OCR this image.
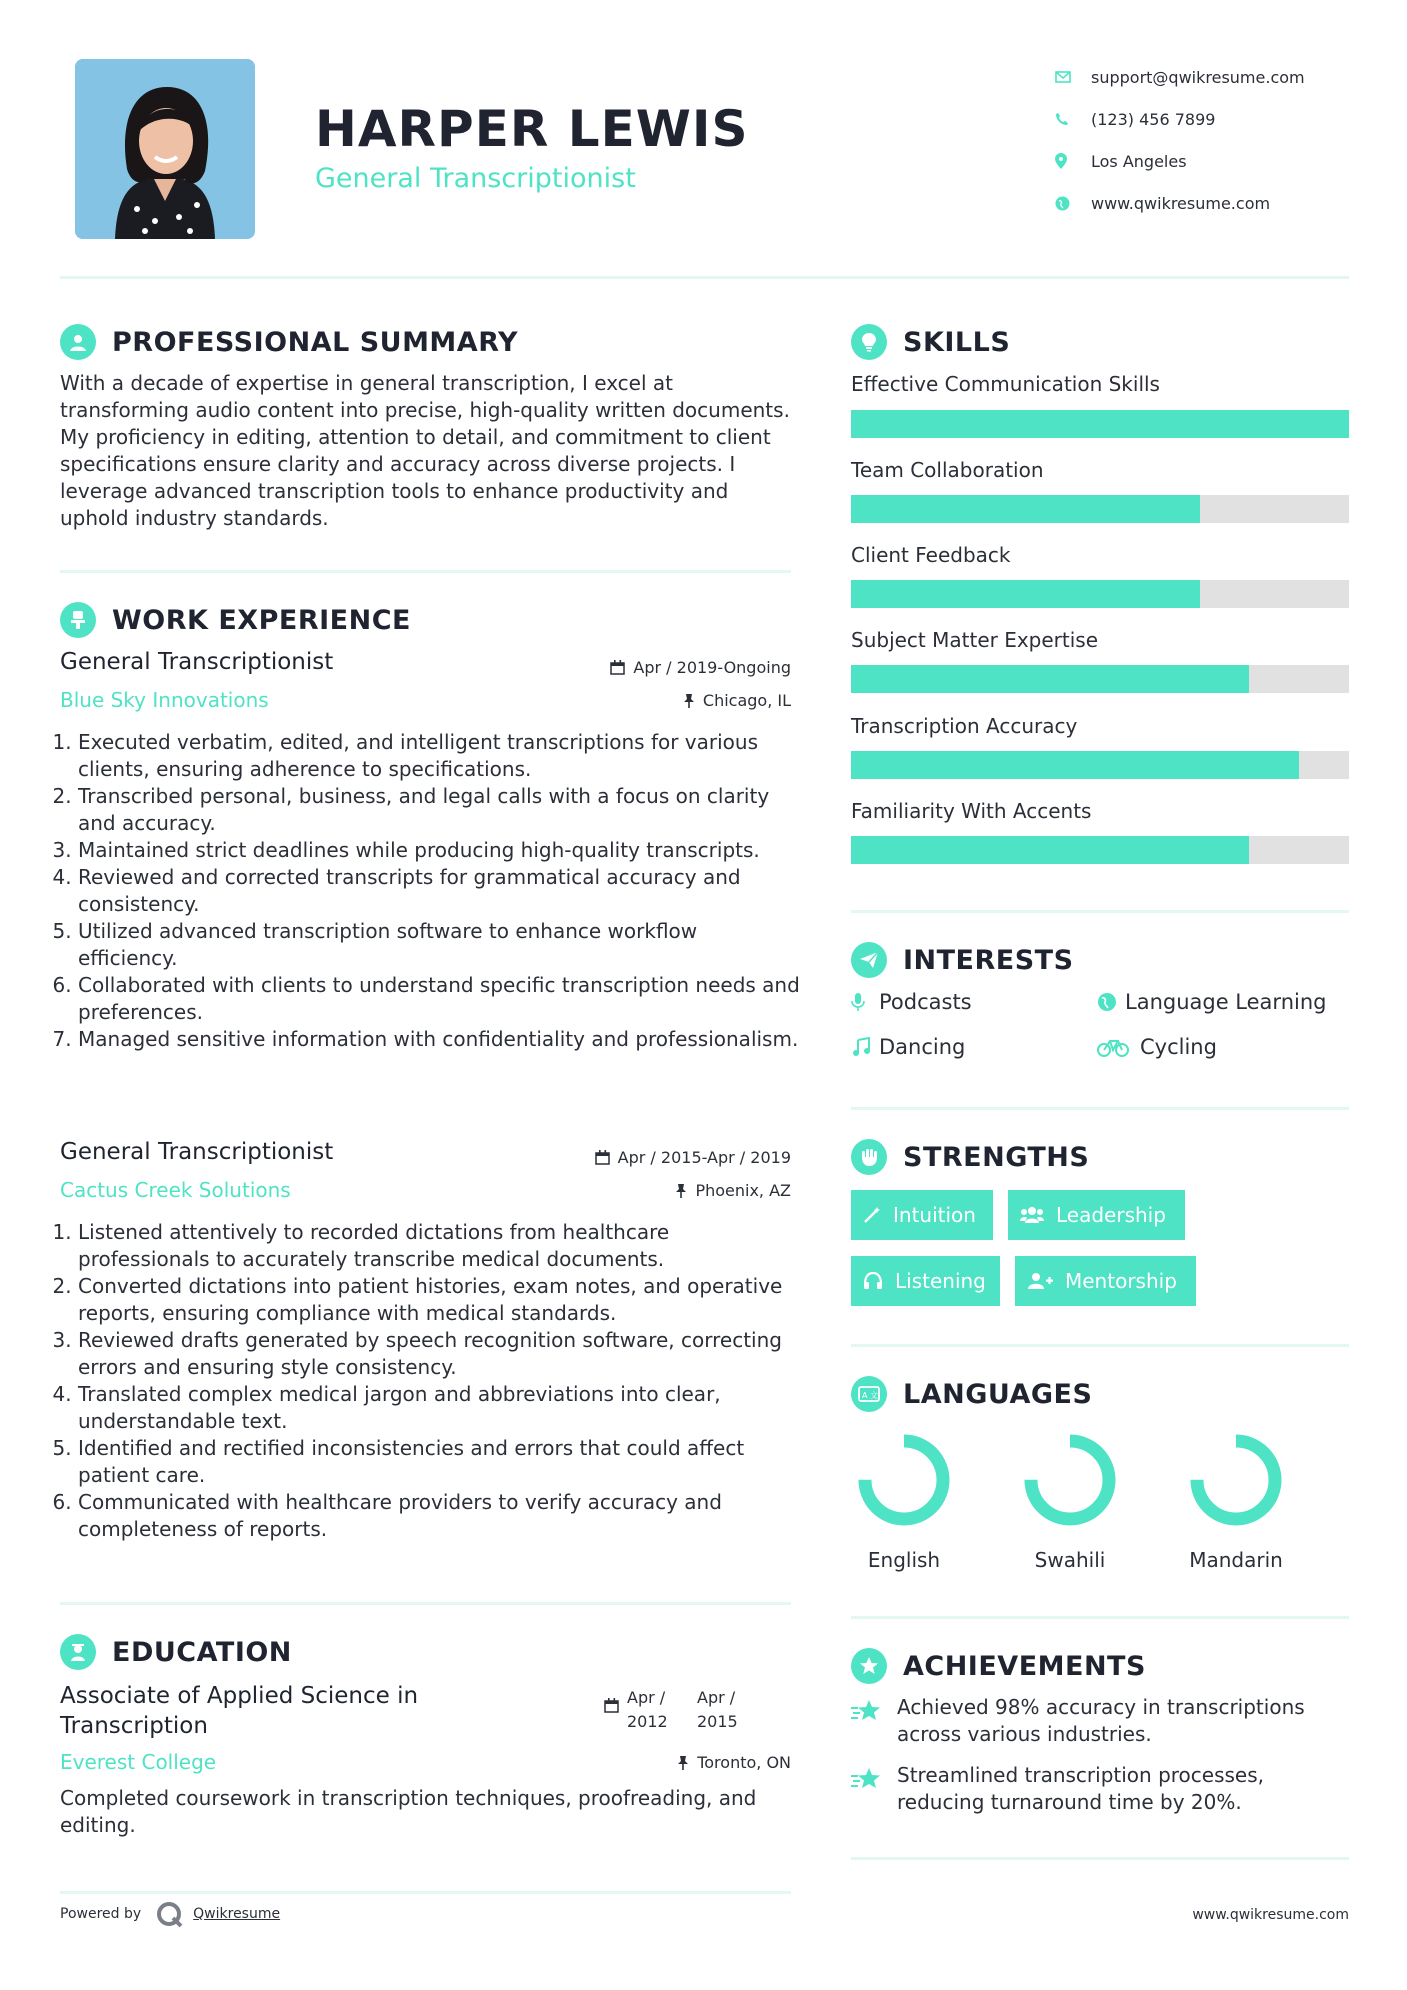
HARPER LEWIS
General Transcriptionist
support@qwikresume.com
(123) 456 7899
Los Angeles
www.qwikresume.com
PROFESSIONAL SUMMARY
With a decade of expertise in general transcription, I excel at transforming audio content into precise, high-quality written documents. My proficiency in editing, attention to detail, and commitment to client specifications ensure clarity and accuracy across diverse projects. I leverage advanced transcription tools to enhance productivity and uphold industry standards.
WORK EXPERIENCE
General Transcriptionist	Apr / 2019-Ongoing
Blue Sky Innovations	Chicago, IL
1. Executed verbatim, edited, and intelligent transcriptions for various clients, ensuring adherence to specifications.
2. Transcribed personal, business, and legal calls with a focus on clarity and accuracy.
3. Maintained strict deadlines while producing high-quality transcripts.
4. Reviewed and corrected transcripts for grammatical accuracy and consistency.
5. Utilized advanced transcription software to enhance workflow efficiency.
6. Collaborated with clients to understand specific transcription needs and preferences.
7. Managed sensitive information with confidentiality and professionalism.
General Transcriptionist	Apr / 2015-Apr / 2019
Cactus Creek Solutions	Phoenix, AZ
1. Listened attentively to recorded dictations from healthcare professionals to accurately transcribe medical documents.
2. Converted dictations into patient histories, exam notes, and operative reports, ensuring compliance with medical standards.
3. Reviewed drafts generated by speech recognition software, correcting errors and ensuring style consistency.
4. Translated complex medical jargon and abbreviations into clear, understandable text.
5. Identified and rectified inconsistencies and errors that could affect patient care.
6. Communicated with healthcare providers to verify accuracy and completeness of reports.
EDUCATION
Associate of Applied Science in Transcription
Apr / 2012
Apr / 2015
Everest College	Toronto, ON
Completed coursework in transcription techniques, proofreading, and editing.
SKILLS
Effective Communication Skills
Team Collaboration
Client Feedback
Subject Matter Expertise
Transcription Accuracy
Familiarity With Accents
INTERESTS
Podcasts	Language Learning
Dancing	Cycling
STRENGTHS
Intuition	Leadership
Listening	Mentorship
A 文 LANGUAGES
English	Swahili	Mandarin
ACHIEVEMENTS
Achieved 98% accuracy in transcriptions across various industries.
Streamlined transcription processes, reducing turnaround time by 20%.
Powered by	Qwikresume	www.qwikresume.com
